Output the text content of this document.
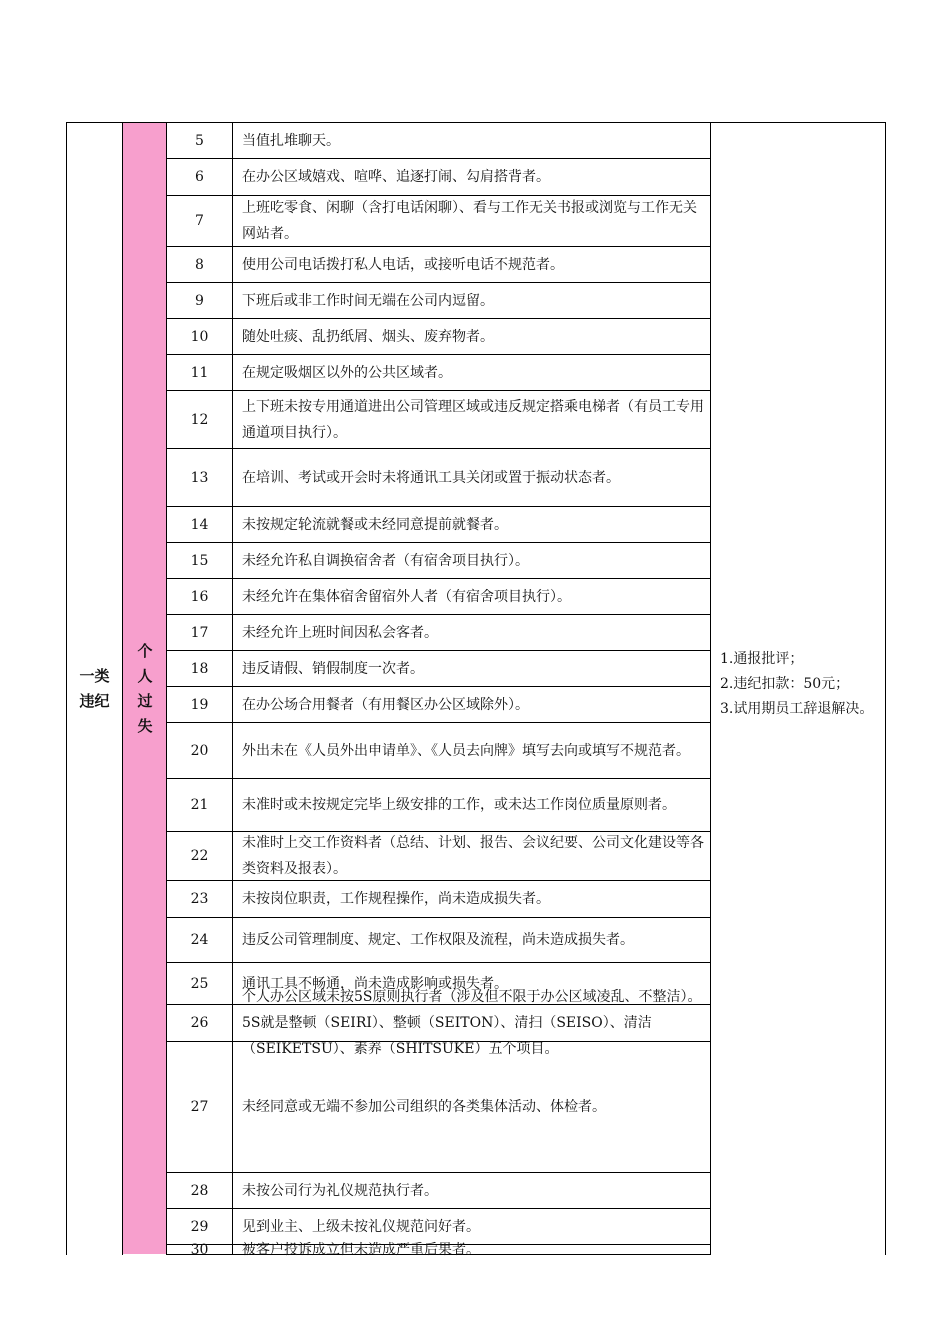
一类违纪
个人过失
5	当值扎堆聊天。
6	在办公区域嬉戏、喧哗、追逐打闹、勾肩搭背者。
7
上班吃零食、闲聊（含打电话闲聊）、看与工作无关书报或浏览与工作无关网站者。
8	使用公司电话拨打私人电话，或接听电话不规范者。
9	下班后或非工作时间无端在公司内逗留。
10	随处吐痰、乱扔纸屑、烟头、废弃物者。
11	在规定吸烟区以外的公共区域者。
12
上下班未按专用通道进出公司管理区域或违反规定搭乘电梯者（有员工专用通道项目执行）。
13	在培训、考试或开会时未将通讯工具关闭或置于振动状态者。
14	未按规定轮流就餐或未经同意提前就餐者。
15	未经允许私自调换宿舍者（有宿舍项目执行）。
16	未经允许在集体宿舍留宿外人者（有宿舍项目执行）。
17	未经允许上班时间因私会客者。
18	违反请假、销假制度一次者。
19	在办公场合用餐者（有用餐区办公区域除外）。
20	外出未在《人员外出申请单》、《人员去向牌》填写去向或填写不规范者。
21	未准时或未按规定完毕上级安排的工作，或未达工作岗位质量原则者。
22
未准时上交工作资料者（总结、计划、报告、会议纪要、公司文化建设等各类资料及报表）。
23	未按岗位职责，工作规程操作，尚未造成损失者。
24	违反公司管理制度、规定、工作权限及流程，尚未造成损失者。
25	通讯工具不畅通，尚未造成影响或损失者。
26
个人办公区域未按5S原则执行者（涉及但不限于办公区域凌乱、不整洁）。5S就是整顿（SEIRI）、整顿（SEITON）、清扫（SEISO）、清洁（SEIKETSU）、素养（SHITSUKE）五个项目。
27	未经同意或无端不参加公司组织的各类集体活动、体检者。
28	未按公司行为礼仪规范执行者。
29	见到业主、上级未按礼仪规范问好者。
30	被客户投诉成立但未造成严重后果者。
1.通报批评；
2.违纪扣款：50元；
3.试用期员工辞退解决。
